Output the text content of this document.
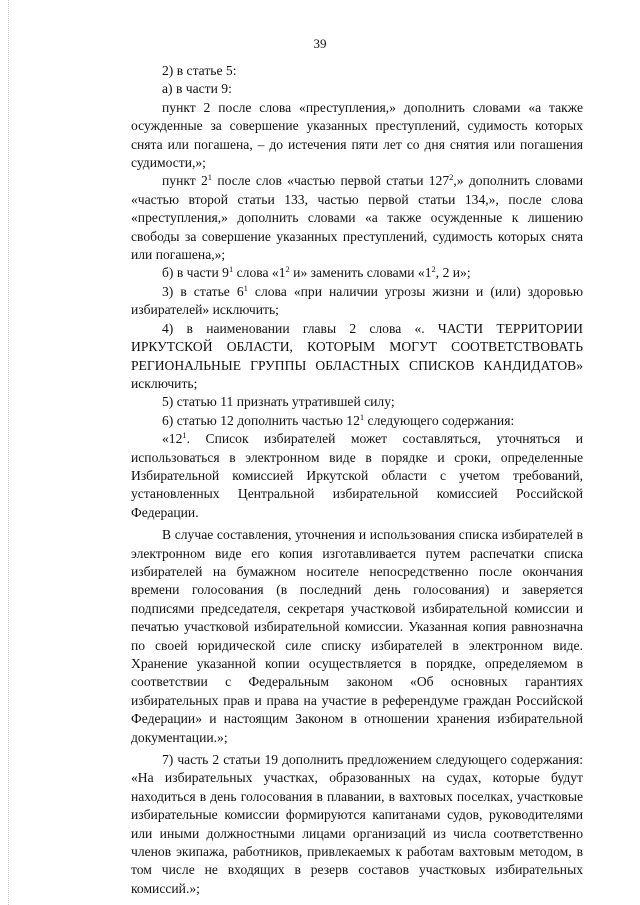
39

2) в статье 5:

а) в части 9:

пункт 2 после слова «преступления,» дополнить словами «а также осужденные за совершение указанных преступлений, судимость которых снята или погашена, – до истечения пяти лет со дня снятия или погашения судимости,»;

пункт $2^1$ после слов «частью первой статьи $127^2$,» дополнить словами «частью второй статьи 133, частью первой статьи 134,», после слова «преступления,» дополнить словами «а также осужденные к лишению свободы за совершение указанных преступлений, судимость которых снята или погашена,»;

б) в части $9^1$ слова «$1^2$ и» заменить словами «$1^2$, 2 и»;

3) в статье $6^1$ слова «при наличии угрозы жизни и (или) здоровью избирателей» исключить;

4) в наименовании главы 2 слова «. ЧАСТИ ТЕРРИТОРИИ ИРКУТСКОЙ ОБЛАСТИ, КОТОРЫМ МОГУТ СООТВЕТСТВОВАТЬ РЕГИОНАЛЬНЫЕ ГРУППЫ ОБЛАСТНЫХ СПИСКОВ КАНДИДАТОВ» исключить;

5) статью 11 признать утратившей силу;

6) статью 12 дополнить частью $12^1$ следующего содержания:

«$12^1$. Список избирателей может составляться, уточняться и использоваться в электронном виде в порядке и сроки, определенные Избирательной комиссией Иркутской области с учетом требований, установленных Центральной избирательной комиссией Российской Федерации.

В случае составления, уточнения и использования списка избирателей в электронном виде его копия изготавливается путем распечатки списка избирателей на бумажном носителе непосредственно после окончания времени голосования (в последний день голосования) и заверяется подписями председателя, секретаря участковой избирательной комиссии и печатью участковой избирательной комиссии. Указанная копия равнозначна по своей юридической силе списку избирателей в электронном виде. Хранение указанной копии осуществляется в порядке, определяемом в соответствии с Федеральным законом «Об основных гарантиях избирательных прав и права на участие в референдуме граждан Российской Федерации» и настоящим Законом в отношении хранения избирательной документации.»;

7) часть 2 статьи 19 дополнить предложением следующего содержания: «На избирательных участках, образованных на судах, которые будут находиться в день голосования в плавании, в вахтовых поселках, участковые избирательные комиссии формируются капитанами судов, руководителями или иными должностными лицами организаций из числа соответственно членов экипажа, работников, привлекаемых к работам вахтовым методом, в том числе не входящих в резерв составов участковых избирательных комиссий.»;
